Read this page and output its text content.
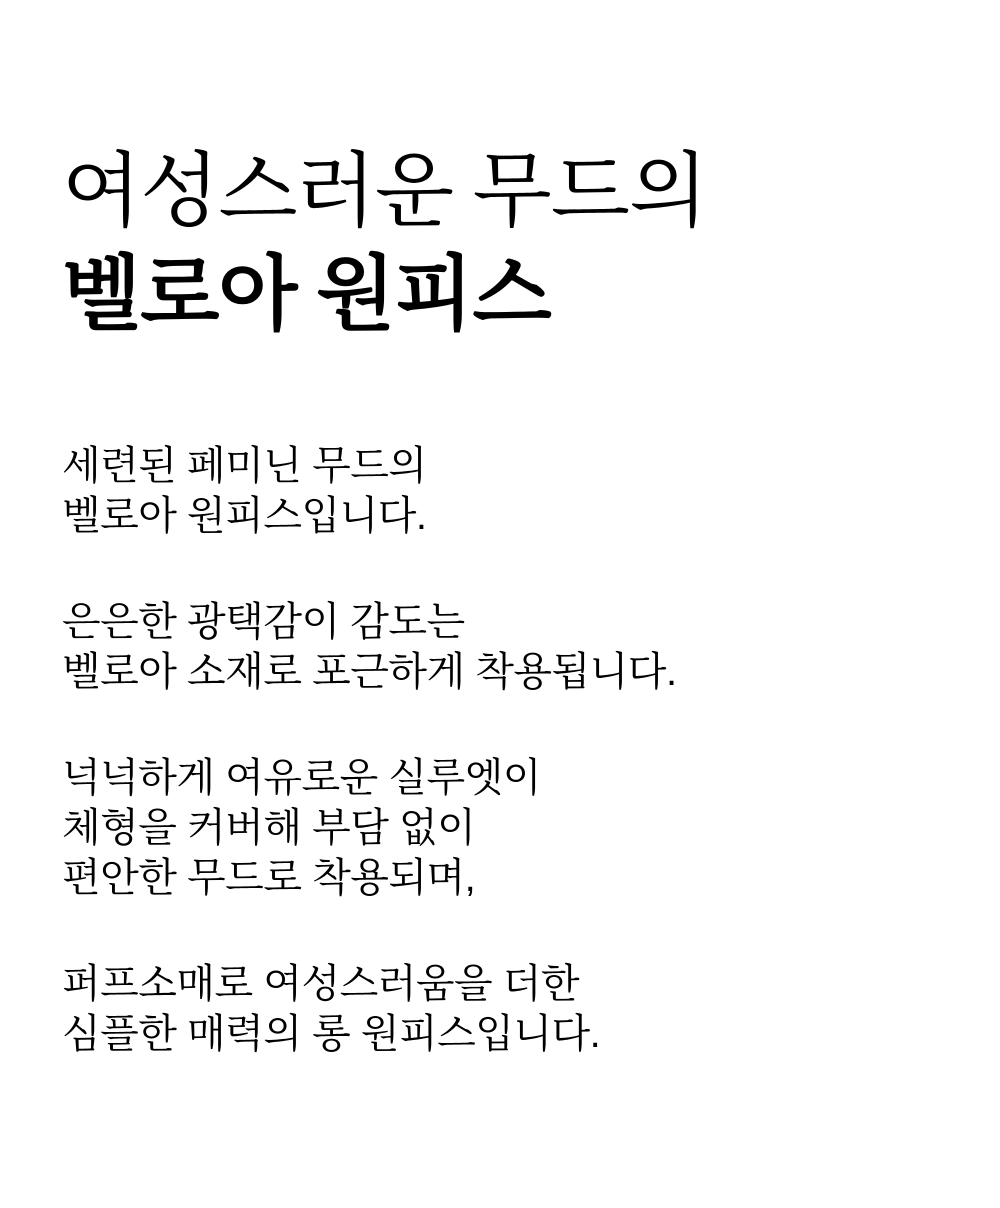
여성스러운 무드의
벨로아 원피스

세련된 페미닌 무드의
벨로아 원피스입니다.

은은한 광택감이 감도는
벨로아 소재로 포근하게 착용됩니다.

넉넉하게 여유로운 실루엣이
체형을 커버해 부담 없이
편안한 무드로 착용되며,

퍼프소매로 여성스러움을 더한
심플한 매력의 롱 원피스입니다.
